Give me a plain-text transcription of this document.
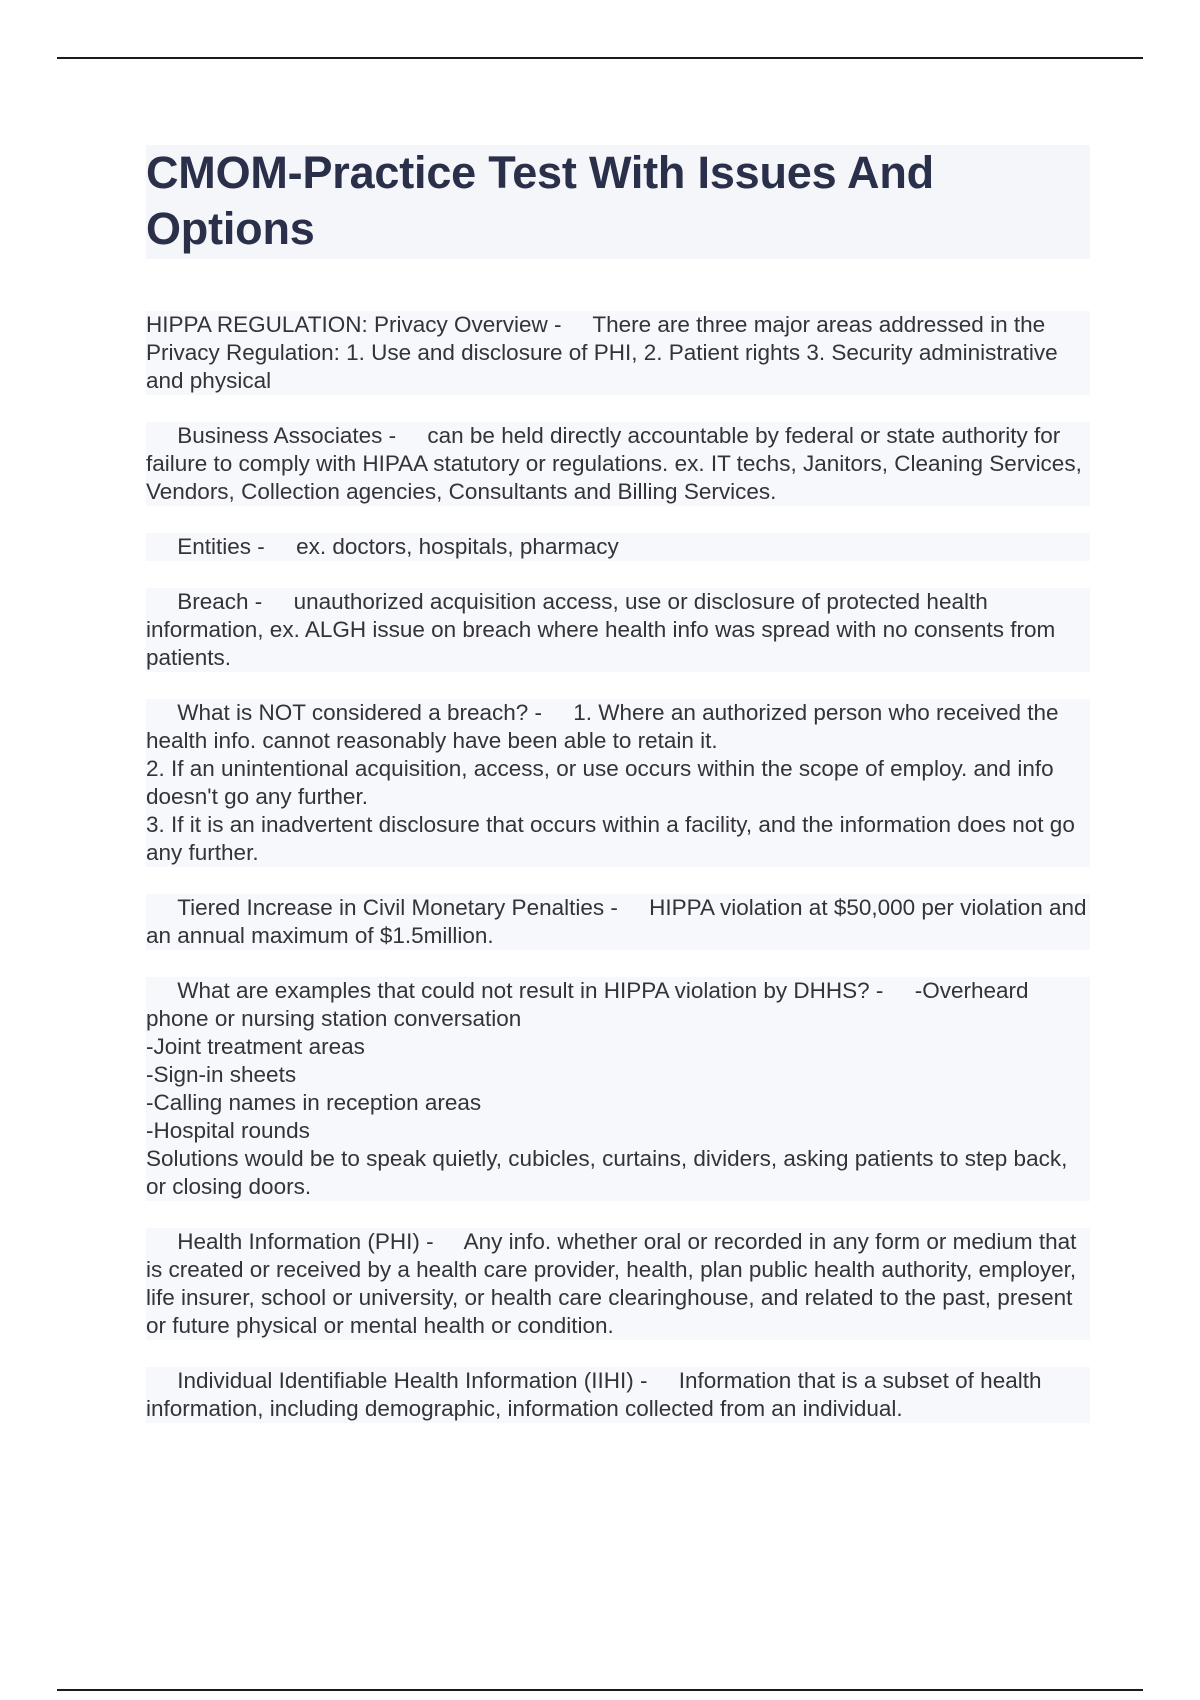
CMOM-Practice Test With Issues And Options
HIPPA REGULATION: Privacy Overview - There are three major areas addressed in the Privacy Regulation: 1. Use and disclosure of PHI, 2. Patient rights 3. Security administrative and physical
Business Associates - can be held directly accountable by federal or state authority for failure to comply with HIPAA statutory or regulations. ex. IT techs, Janitors, Cleaning Services, Vendors, Collection agencies, Consultants and Billing Services.
Entities - ex. doctors, hospitals, pharmacy
Breach - unauthorized acquisition access, use or disclosure of protected health information, ex. ALGH issue on breach where health info was spread with no consents from patients.
What is NOT considered a breach? - 1. Where an authorized person who received the health info. cannot reasonably have been able to retain it.
2. If an unintentional acquisition, access, or use occurs within the scope of employ. and info doesn't go any further.
3. If it is an inadvertent disclosure that occurs within a facility, and the information does not go any further.
Tiered Increase in Civil Monetary Penalties - HIPPA violation at $50,000 per violation and an annual maximum of $1.5million.
What are examples that could not result in HIPPA violation by DHHS? - -Overheard phone or nursing station conversation
-Joint treatment areas
-Sign-in sheets
-Calling names in reception areas
-Hospital rounds
Solutions would be to speak quietly, cubicles, curtains, dividers, asking patients to step back, or closing doors.
Health Information (PHI) - Any info. whether oral or recorded in any form or medium that is created or received by a health care provider, health, plan public health authority, employer, life insurer, school or university, or health care clearinghouse, and related to the past, present or future physical or mental health or condition.
Individual Identifiable Health Information (IIHI) - Information that is a subset of health information, including demographic, information collected from an individual.
